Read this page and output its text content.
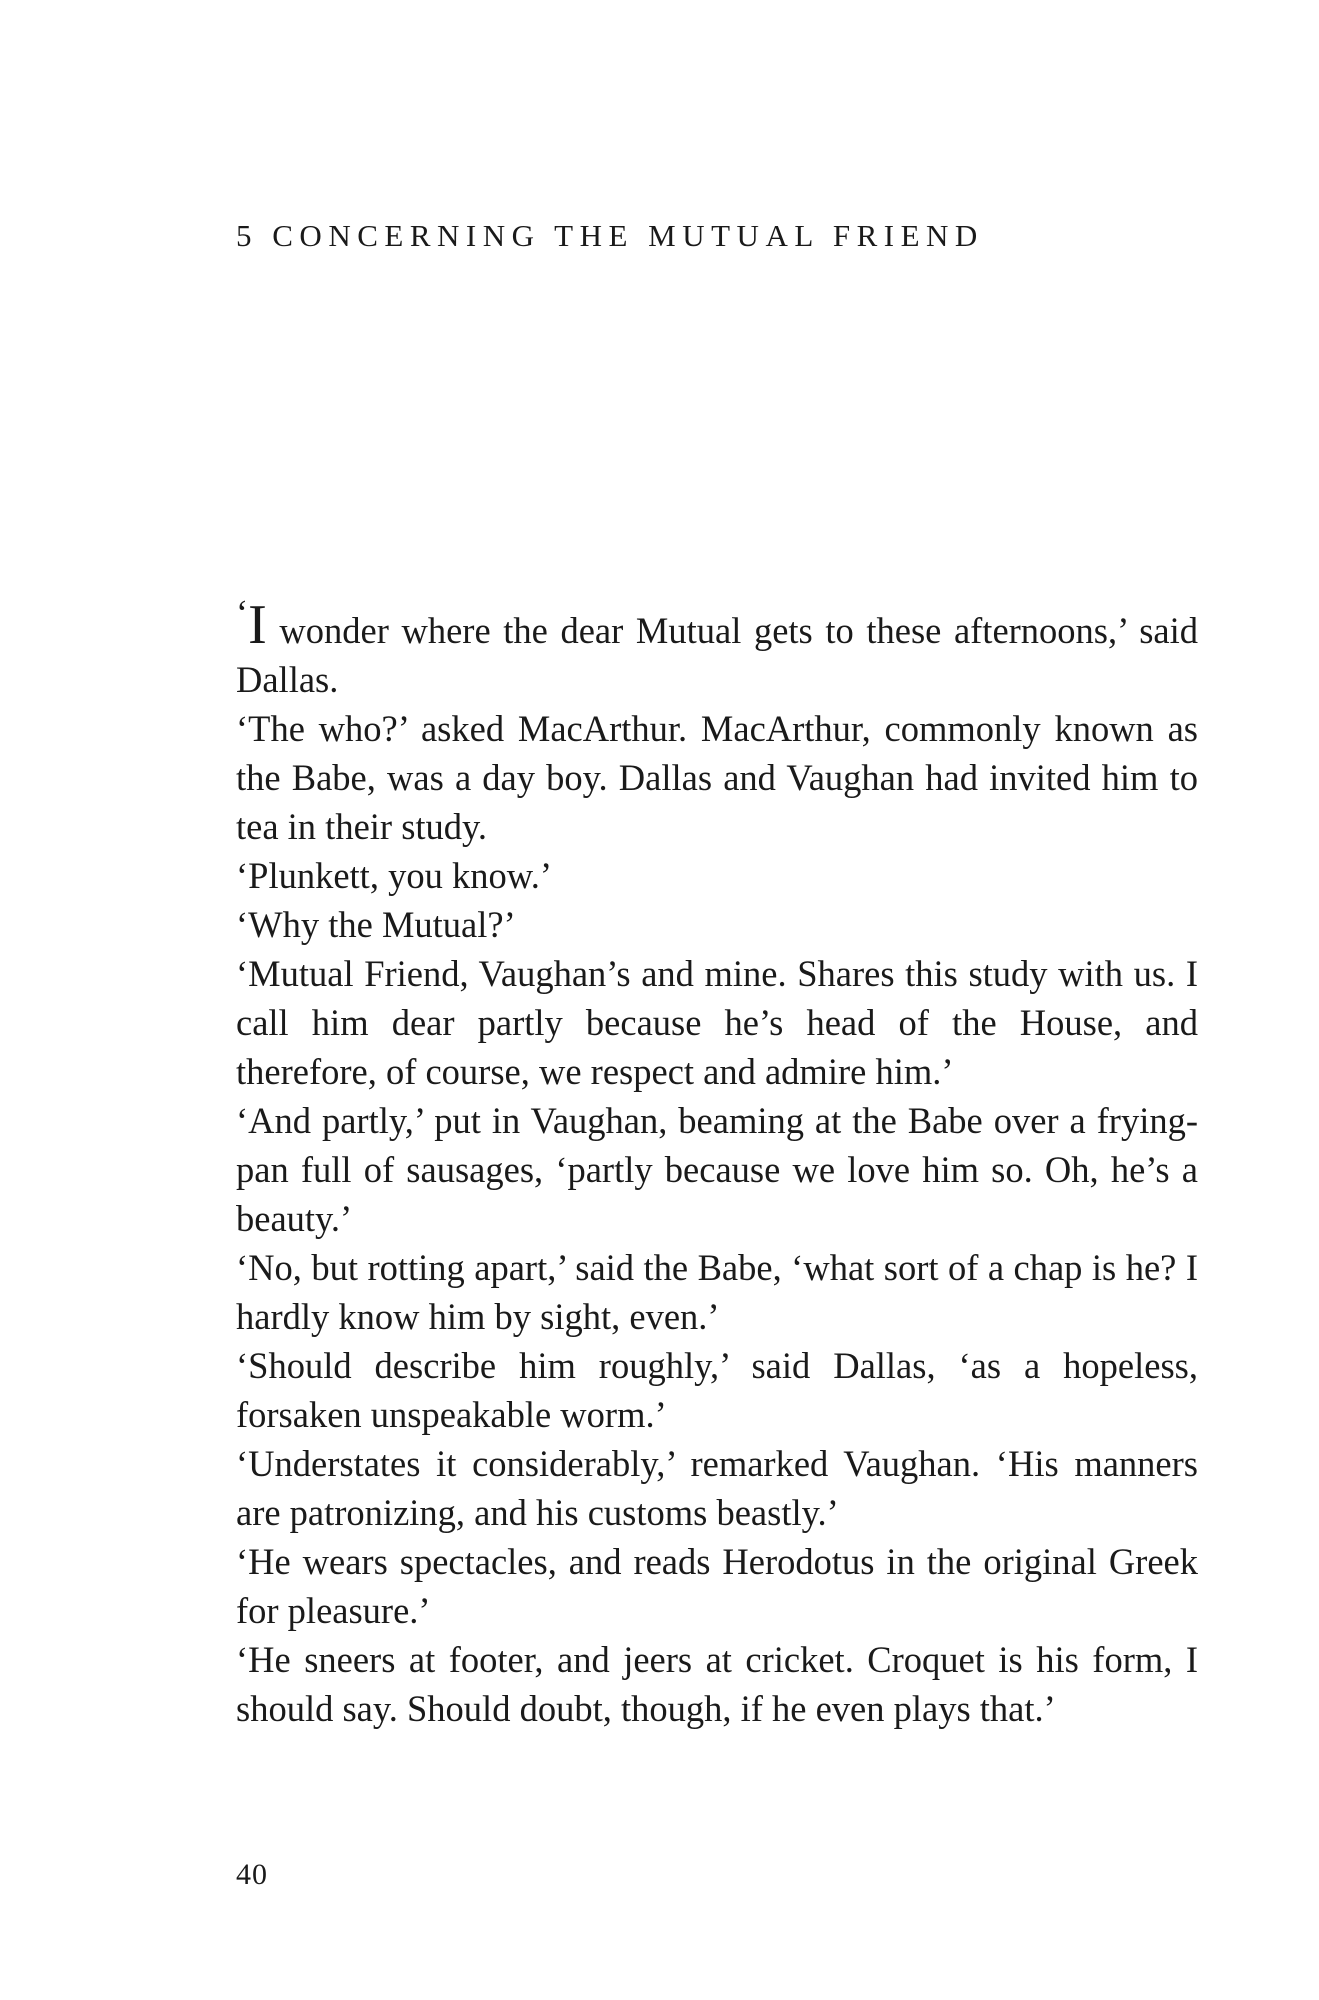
5 CONCERNING THE MUTUAL FRIEND

‘I wonder where the dear Mutual gets to these afternoons,’ said Dallas.

‘The who?’ asked MacArthur. MacArthur, commonly known as the Babe, was a day boy. Dallas and Vaughan had invited him to tea in their study.

‘Plunkett, you know.’

‘Why the Mutual?’

‘Mutual Friend, Vaughan’s and mine. Shares this study with us. I call him dear partly because he’s head of the House, and therefore, of course, we respect and admire him.’

‘And partly,’ put in Vaughan, beaming at the Babe over a frying-pan full of sausages, ‘partly because we love him so. Oh, he’s a beauty.’

‘No, but rotting apart,’ said the Babe, ‘what sort of a chap is he? I hardly know him by sight, even.’

‘Should describe him roughly,’ said Dallas, ‘as a hopeless, forsaken unspeakable worm.’

‘Understates it considerably,’ remarked Vaughan. ‘His manners are patronizing, and his customs beastly.’

‘He wears spectacles, and reads Herodotus in the original Greek for pleasure.’

‘He sneers at footer, and jeers at cricket. Croquet is his form, I should say. Should doubt, though, if he even plays that.’

40
